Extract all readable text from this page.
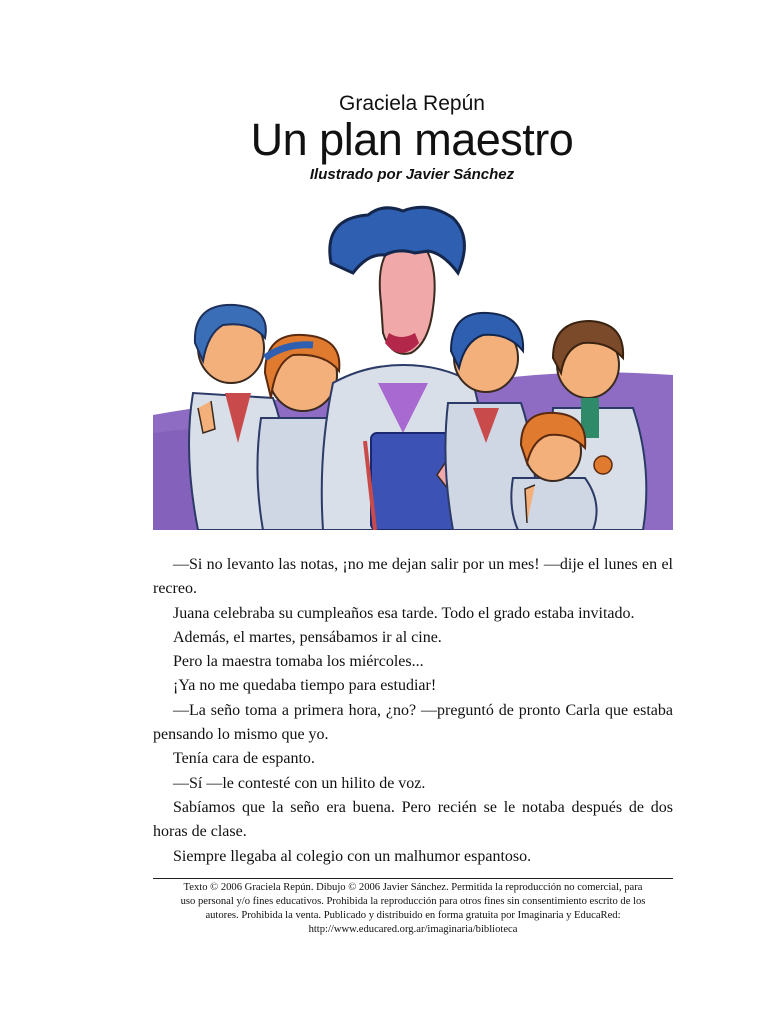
Graciela Repún
Un plan maestro
Ilustrado por Javier Sánchez

—Si no levanto las notas, ¡no me dejan salir por un mes! —dije el lunes en el recreo.

Juana celebraba su cumpleaños esa tarde. Todo el grado estaba invitado.

Además, el martes, pensábamos ir al cine.

Pero la maestra tomaba los miércoles...

¡Ya no me quedaba tiempo para estudiar!

—La seño toma a primera hora, ¿no? —preguntó de pronto Carla que estaba pensando lo mismo que yo.

Tenía cara de espanto.

—Sí —le contesté con un hilito de voz.

Sabíamos que la seño era buena. Pero recién se le notaba después de dos horas de clase.

Siempre llegaba al colegio con un malhumor espantoso.

Texto © 2006 Graciela Repún. Dibujo © 2006 Javier Sánchez. Permitida la reproducción no comercial, para
uso personal y/o fines educativos. Prohibida la reproducción para otros fines sin consentimiento escrito de los
autores. Prohibida la venta. Publicado y distribuido en forma gratuita por Imaginaria y EducaRed:
http://www.educared.org.ar/imaginaria/biblioteca
